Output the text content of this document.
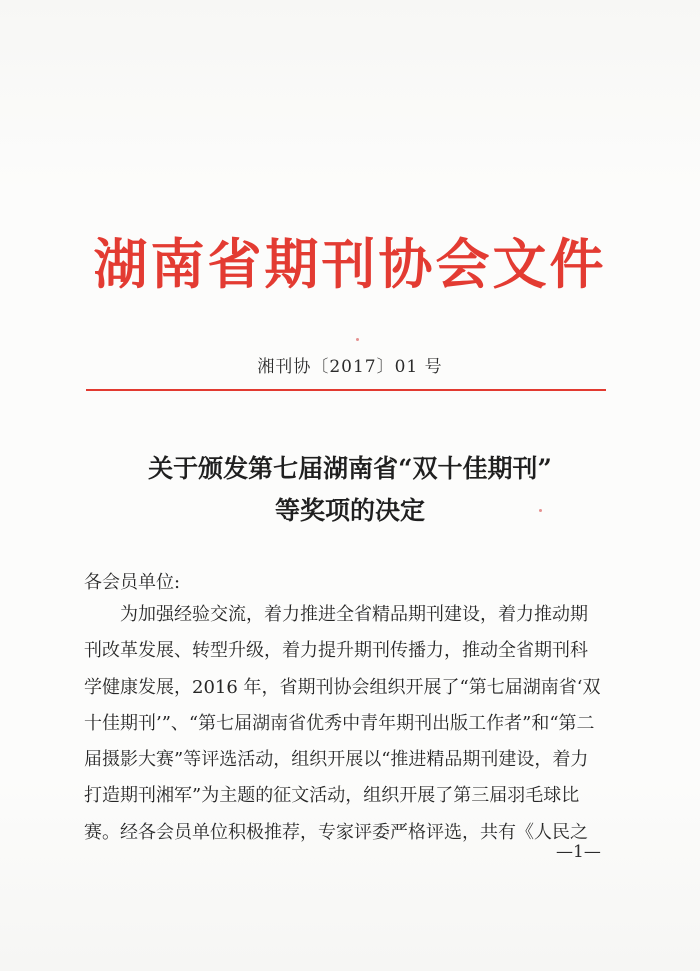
湖南省期刊协会文件
湘刊协〔2017〕01 号
关于颁发第七届湖南省“双十佳期刊”
等奖项的决定
各会员单位:
为加强经验交流，着力推进全省精品期刊建设，着力推动期
刊改革发展、转型升级，着力提升期刊传播力，推动全省期刊科
学健康发展，2016 年，省期刊协会组织开展了“第七届湖南省‘双
十佳期刊’”、“第七届湖南省优秀中青年期刊出版工作者”和“第二
届摄影大赛”等评选活动，组织开展以“推进精品期刊建设，着力
打造期刊湘军”为主题的征文活动，组织开展了第三届羽毛球比
赛。经各会员单位积极推荐，专家评委严格评选，共有《人民之
—1—
